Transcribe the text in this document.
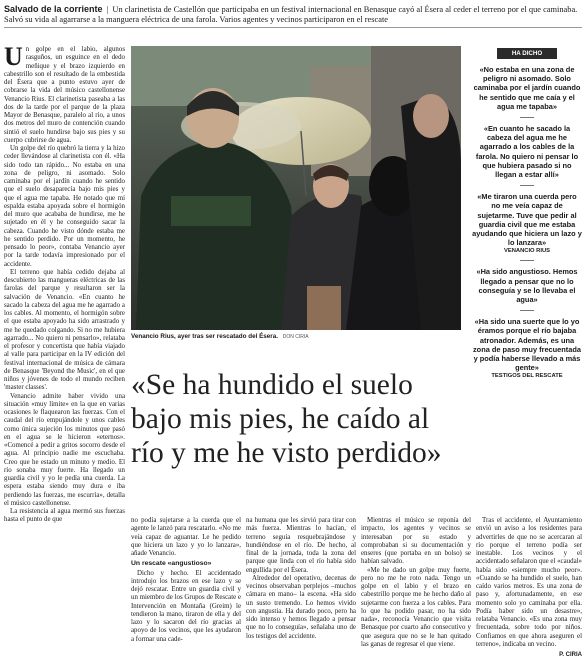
Salvado de la corriente | Un clarinetista de Castellón que participaba en un festival internacional en Benasque cayó al Ésera al ceder el terreno por el que caminaba. Salvó su vida al agarrarse a la manguera eléctrica de una farola. Varios agentes y vecinos participaron en el rescate

Un golpe en el labio, algunos rasguños, un esguince en el dedo meñique y el brazo izquierdo en cabestrillo son el resultado de la embestida del Ésera que a punto estuvo ayer de cobrarse la vida del músico castellonense Venancio Rius. El clarinetista paseaba a las dos de la tarde por el parque de la plaza Mayor de Benasque, paralelo al río, a unos dos metros del muro de contención cuando sintió el suelo hundirse bajo sus pies y su cuerpo cubrirse de agua.

Un golpe del río quebró la tierra y la hizo ceder llevándose al clarinetista con él. «Ha sido todo tan rápido... No estaba en una zona de peligro, ni asomado. Solo caminaba por el jardín cuando he sentido que el suelo desaparecía bajo mis pies y que el agua me tapaba. He notado que mi espalda estaba apoyada sobre el hormigón del muro que acababa de hundirse, me he sujetado en él y he conseguido sacar la cabeza. Cuando he visto dónde estaba me he sentido perdido. Por un momento, he pensado lo peor», contaba Venancio ayer por la tarde todavía impresionado por el accidente.

El terreno que había cedido dejaba al descubierto las mangueras eléctricas de las farolas del parque y resultaron ser la salvación de Venancio. «En cuanto he sacado la cabeza del agua me he agarrado a los cables. Al momento, el hormigón sobre el que estaba apoyado ha sido arrastrado y me he quedado colgando. Si no me hubiera agarrado... No quiero ni pensarlo», relataba el profesor y concertista que había viajado al valle para participar en la IV edición del festival internacional de música de cámara de Benasque 'Beyond the Music', en el que niños y jóvenes de todo el mundo reciben 'master classes'.

Venancio admite haber vivido una situación «muy límite» en la que en varias ocasiones le flaquearon las fuerzas. Con el caudal del río empujándole y unos cables como única sujeción los minutos que pasó en el agua se le hicieron «eternos». «Comencé a pedir a gritos socorro desde el agua. Al principio nadie me escuchaba. Creo que he estado un minuto y medio. El río sonaba muy fuerte. Ha llegado un guardia civil y yo le pedía una cuerda. La espera estaba siendo muy dura e iba perdiendo las fuerzas, me escurría», detalla el músico castellonense.

La resistencia al agua mermó sus fuerzas hasta el punto de que

Venancio Rius, ayer tras ser rescatado del Ésera. DON CIRIA
«Se ha hundido el suelo bajo mis pies, he caído al río y me he visto perdido»

no podía sujetarse a la cuerda que el agente le lanzó para rescatarlo. «No me veía capaz de aguantar. Le he pedido que hiciera un lazo y yo lo lanzara», añade Venancio.

Un rescate «angustioso»

Dicho y hecho. El accidentado introdujo los brazos en ese lazo y se dejó rescatar. Entre un guardia civil y un miembro de los Grupos de Rescate e Intervención en Montaña (Greim) le tendieron la mano, tiraron de ella y del lazo y lo sacaron del río gracias al apoyo de los vecinos, que les ayudaron a formar una cade-

na humana que les sirvió para tirar con más fuerza. Mientras lo hacían, el terreno seguía resquebrajándose y hundiéndose en el río. De hecho, al final de la jornada, toda la zona del parque que linda con el río había sido engullida por el Ésera.

Alrededor del operativo, decenas de vecinos observaban perplejos –muchos cámara en mano– la escena. «Ha sido un susto tremendo. Lo hemos vivido con angustia. Ha durado poco, pero ha sido intenso y hemos llegado a pensar que no lo conseguía», señalaba uno de los testigos del accidente.

Mientras el músico se reponía del impacto, los agentes y vecinos se interesaban por su estado y comprobaban si su documentación y enseres (que portaba en un bolso) se habían salvado.

«Me he dado un golpe muy fuerte, pero no me he roto nada. Tengo un golpe en el labio y el brazo en cabestrillo porque me he hecho daño al sujetarme con fuerza a los cables. Para lo que ha podido pasar, no ha sido nada», reconocía Venancio que visita Benasque por cuarto año consecutivo y que asegura que no se le han quitado las ganas de regresar el que viene.

Tras el accidente, el Ayuntamiento envió un aviso a los residentes para advertirles de que no se acercaran al río porque el terreno podía ser inestable. Los vecinos y el accidentado señalaron que el «caudal» había sido «siempre mucho peor». «Cuando se ha hundido el suelo, han caído varios metros. Es una zona de paso y, afortunadamente, en ese momento solo yo caminaba por ella. Podía haber sido un desastre», relataba Venancio. «Es una zona muy frecuentada, sobre todo por niños. Confiamos en que ahora aseguren el terreno», indicaba un vecino.

P. CIRIA
HA DICHO
«No estaba en una zona de peligro ni asomado. Solo caminaba por el jardín cuando he sentido que me caía y el agua me tapaba»
«En cuanto he sacado la cabeza del agua me he agarrado a los cables de la farola. No quiero ni pensar lo que hubiera pasado si no llegan a estar allí»
«Me tiraron una cuerda pero no me veía capaz de sujetarme. Tuve que pedir al guardia civil que me estaba ayudando que hiciera un lazo y lo lanzara»
VENANCIO RIUS
«Ha sido angustioso. Hemos llegado a pensar que no lo conseguía y se lo llevaba el agua»
«Ha sido una suerte que lo yo éramos porque el río bajaba atronador. Además, es una zona de paso muy frecuentada y podía haberse llevado a más gente»
TESTIGOS DEL RESCATE
